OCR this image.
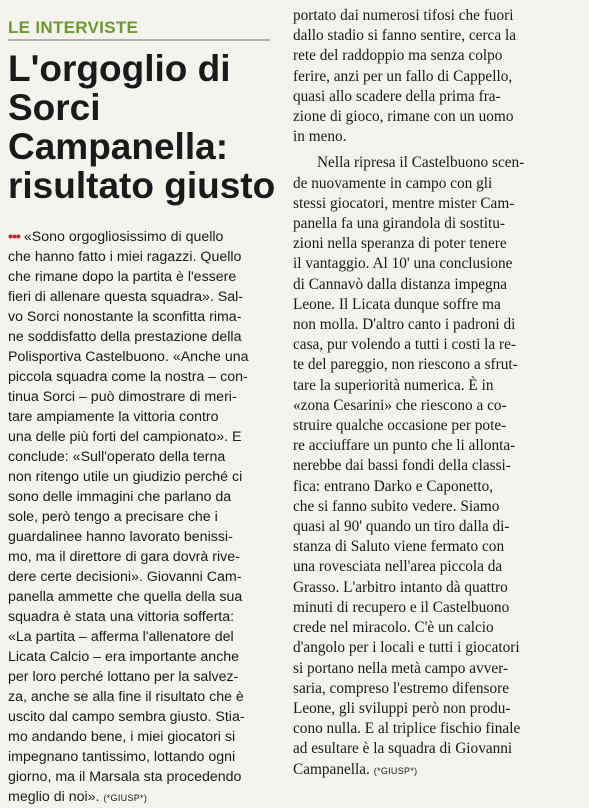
LE INTERVISTE
L'orgoglio di Sorci
Campanella:
risultato giusto
••• «Sono orgogliosissimo di quello
che hanno fatto i miei ragazzi. Quello
che rimane dopo la partita è l'essere
fieri di allenare questa squadra». Sal-
vo Sorci nonostante la sconfitta rima-
ne soddisfatto della prestazione della
Polisportiva Castelbuono. «Anche una
piccola squadra come la nostra – con-
tinua Sorci – può dimostrare di meri-
tare ampiamente la vittoria contro
una delle più forti del campionato». E
conclude: «Sull'operato della terna
non ritengo utile un giudizio perché ci
sono delle immagini che parlano da
sole, però tengo a precisare che i
guardalinee hanno lavorato benissi-
mo, ma il direttore di gara dovrà rive-
dere certe decisioni». Giovanni Cam-
panella ammette che quella della sua
squadra è stata una vittoria sofferta:
«La partita – afferma l'allenatore del
Licata Calcio – era importante anche
per loro perché lottano per la salvez-
za, anche se alla fine il risultato che è
uscito dal campo sembra giusto. Stia-
mo andando bene, i miei giocatori si
impegnano tantissimo, lottando ogni
giorno, ma il Marsala sta procedendo
meglio di noi». (*GIUSP*)
portato dai numerosi tifosi che fuori
dallo stadio si fanno sentire, cerca la
rete del raddoppio ma senza colpo
ferire, anzi per un fallo di Cappello,
quasi allo scadere della prima fra-
zione di gioco, rimane con un uomo
in meno.
Nella ripresa il Castelbuono scen-
de nuovamente in campo con gli
stessi giocatori, mentre mister Cam-
panella fa una girandola di sostitu-
zioni nella speranza di poter tenere
il vantaggio. Al 10' una conclusione
di Cannavò dalla distanza impegna
Leone. Il Licata dunque soffre ma
non molla. D'altro canto i padroni di
casa, pur volendo a tutti i costi la re-
te del pareggio, non riescono a sfrut-
tare la superiorità numerica. È in
«zona Cesarini» che riescono a co-
struire qualche occasione per pote-
re acciuffare un punto che li allonta-
nerebbe dai bassi fondi della classi-
fica: entrano Darko e Caponetto,
che si fanno subito vedere. Siamo
quasi al 90' quando un tiro dalla di-
stanza di Saluto viene fermato con
una rovesciata nell'area piccola da
Grasso. L'arbitro intanto dà quattro
minuti di recupero e il Castelbuono
crede nel miracolo. C'è un calcio
d'angolo per i locali e tutti i giocatori
si portano nella metà campo avver-
saria, compreso l'estremo difensore
Leone, gli sviluppi però non produ-
cono nulla. E al triplice fischio finale
ad esultare è la squadra di Giovanni
Campanella. (*GIUSP*)
